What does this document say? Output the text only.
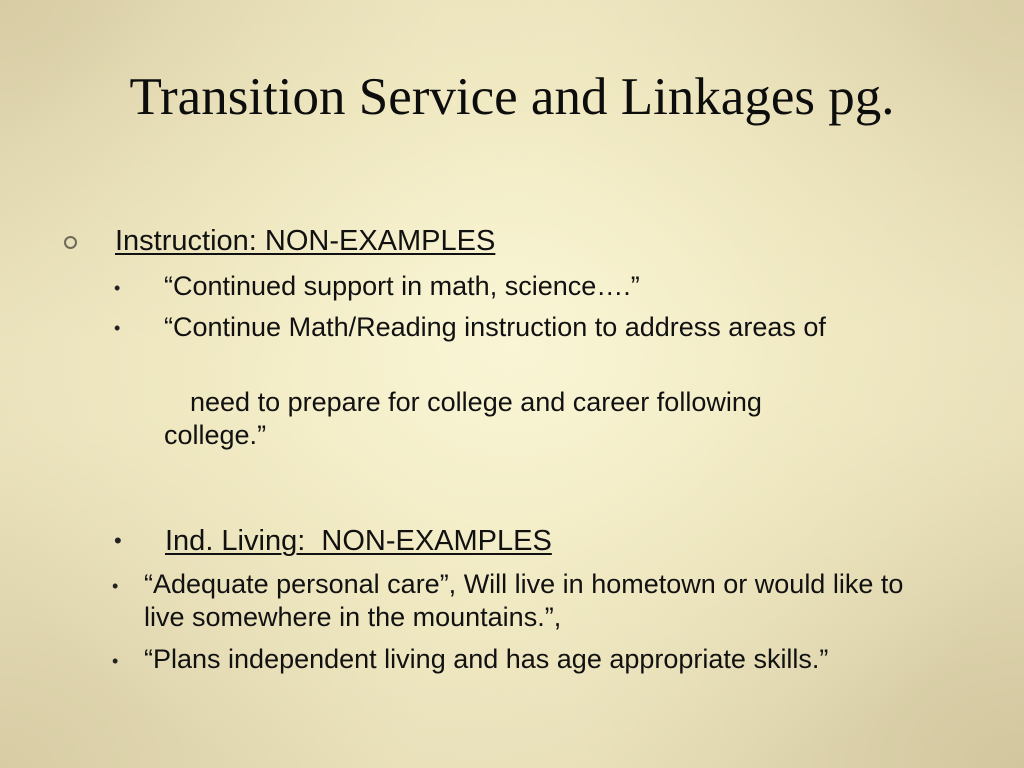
Transition Service and Linkages pg.
Instruction: NON-EXAMPLES
• “Continued support in math, science….”
• “Continue Math/Reading instruction to address areas of
need to prepare for college and career following
college.”
• Ind. Living:  NON-EXAMPLES
• “Adequate personal care”, Will live in hometown or would like to live somewhere in the mountains.”,
• “Plans independent living and has age appropriate skills.”
